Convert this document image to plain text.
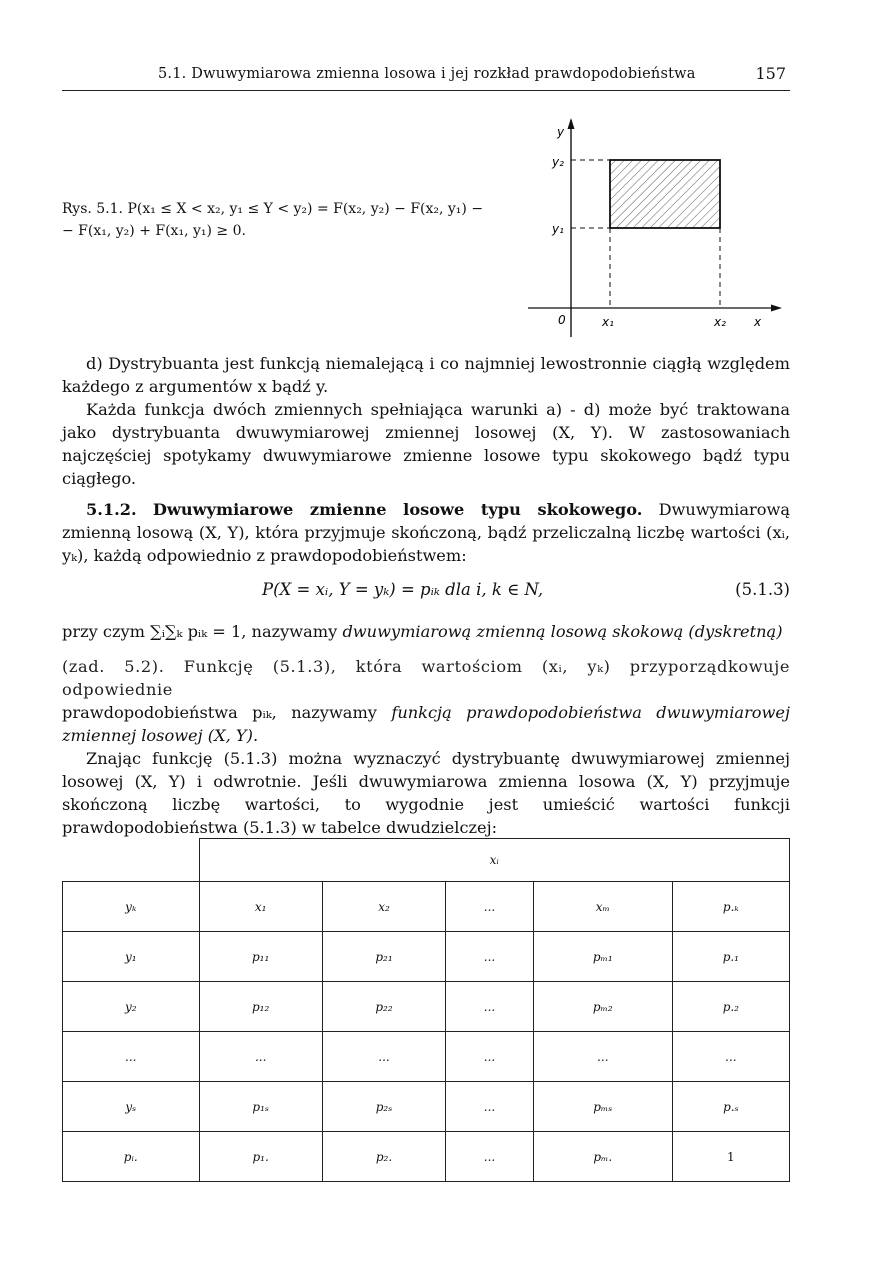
5.1. Dwuwymiarowa zmienna losowa i jej rozkład prawdopodobieństwa	157
Rys. 5.1. P(x₁ ≤ X < x₂, y₁ ≤ Y < y₂) = F(x₂, y₂) − F(x₂, y₁) −
− F(x₁, y₂) + F(x₁, y₁) ≥ 0.
y
y₂
y₁
0	x₁	x₂ x

d) Dystrybuanta jest funkcją niemalejącą i co najmniej lewostronnie ciągłą względem każdego z argumentów x bądź y.

Każda funkcja dwóch zmiennych spełniająca warunki a) - d) może być traktowana jako dystrybuanta dwuwymiarowej zmiennej losowej (X, Y). W zastosowaniach najczęściej spotykamy dwuwymiarowe zmienne losowe typu skokowego bądź typu ciągłego.

5.1.2. Dwuwymiarowe zmienne losowe typu skokowego. Dwuwymiarową zmienną losową (X, Y), która przyjmuje skończoną, bądź przeliczalną liczbę wartości (xᵢ, yₖ), każdą odpowiednio z prawdopodobieństwem:

P(X = xᵢ, Y = yₖ) = pᵢₖ dla i, k ∈ N,	(5.1.3)

przy czym ∑ᵢ∑ₖ pᵢₖ = 1, nazywamy dwuwymiarową zmienną losową skokową (dyskretną)

(zad. 5.2). Funkcję (5.1.3), która wartościom (xᵢ, yₖ) przyporządkowuje odpowiednie

prawdopodobieństwa pᵢₖ, nazywamy funkcją prawdopodobieństwa dwuwymiarowej zmiennej losowej (X, Y).

Znając funkcję (5.1.3) można wyznaczyć dystrybuantę dwuwymiarowej zmiennej losowej (X, Y) i odwrotnie. Jeśli dwuwymiarowa zmienna losowa (X, Y) przyjmuje skończoną liczbę wartości, to wygodnie jest umieścić wartości funkcji prawdopodobieństwa (5.1.3) w tabelce dwudzielczej:

	xᵢ				
yₖ	x₁	x₂	...	xₘ	p.ₖ
y₁	p₁₁	p₂₁	...	pₘ₁	p.₁
y₂	p₁₂	p₂₂	...	pₘ₂	p.₂
...	...	...	...	...	...
yₛ	p₁ₛ	p₂ₛ	...	pₘₛ	p.ₛ
pᵢ.	p₁.	p₂.	...	pₘ.	1
